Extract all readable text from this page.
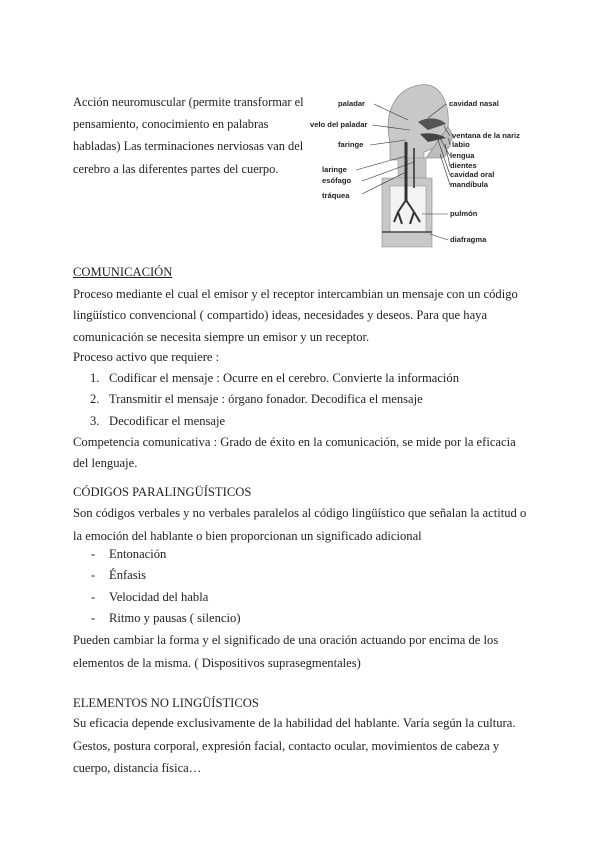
Acción neuromuscular (permite transformar el pensamiento, conocimiento en palabras habladas) Las terminaciones nerviosas van del cerebro a las diferentes partes del cuerpo.

paladar
velo del paladar
faringe
laringe
esófago
tráquea
cavidad nasal
ventana de la nariz
labio
lengua
dientes
cavidad oral
mandíbula
pulmón
diafragma

COMUNICACIÓN

Proceso mediante el cual el emisor y el receptor intercambian un mensaje con un código lingüístico convencional ( compartido) ideas, necesidades y deseos. Para que haya comunicación se necesita siempre un emisor y un receptor.

Proceso activo que requiere :

1. Codificar el mensaje : Ocurre en el cerebro. Convierte la información
2. Transmitir el mensaje : órgano fonador. Decodifica el mensaje
3. Decodificar el mensaje

Competencia comunicativa : Grado de éxito en la comunicación, se mide por la eficacia del lenguaje.

CÓDIGOS PARALINGÜÍSTICOS

Son códigos verbales y no verbales paralelos al código lingüístico que señalan la actitud o la emoción del hablante o bien proporcionan un significado adicional

- Entonación
- Énfasis
- Velocidad del habla
- Ritmo y pausas ( silencio)

Pueden cambiar la forma y el significado de una oración actuando por encima de los elementos de la misma. ( Dispositivos suprasegmentales)

ELEMENTOS NO LINGÜÍSTICOS

Su eficacia depende exclusivamente de la habilidad del hablante. Varía según la cultura. Gestos, postura corporal, expresión facial, contacto ocular, movimientos de cabeza y cuerpo, distancia física…
